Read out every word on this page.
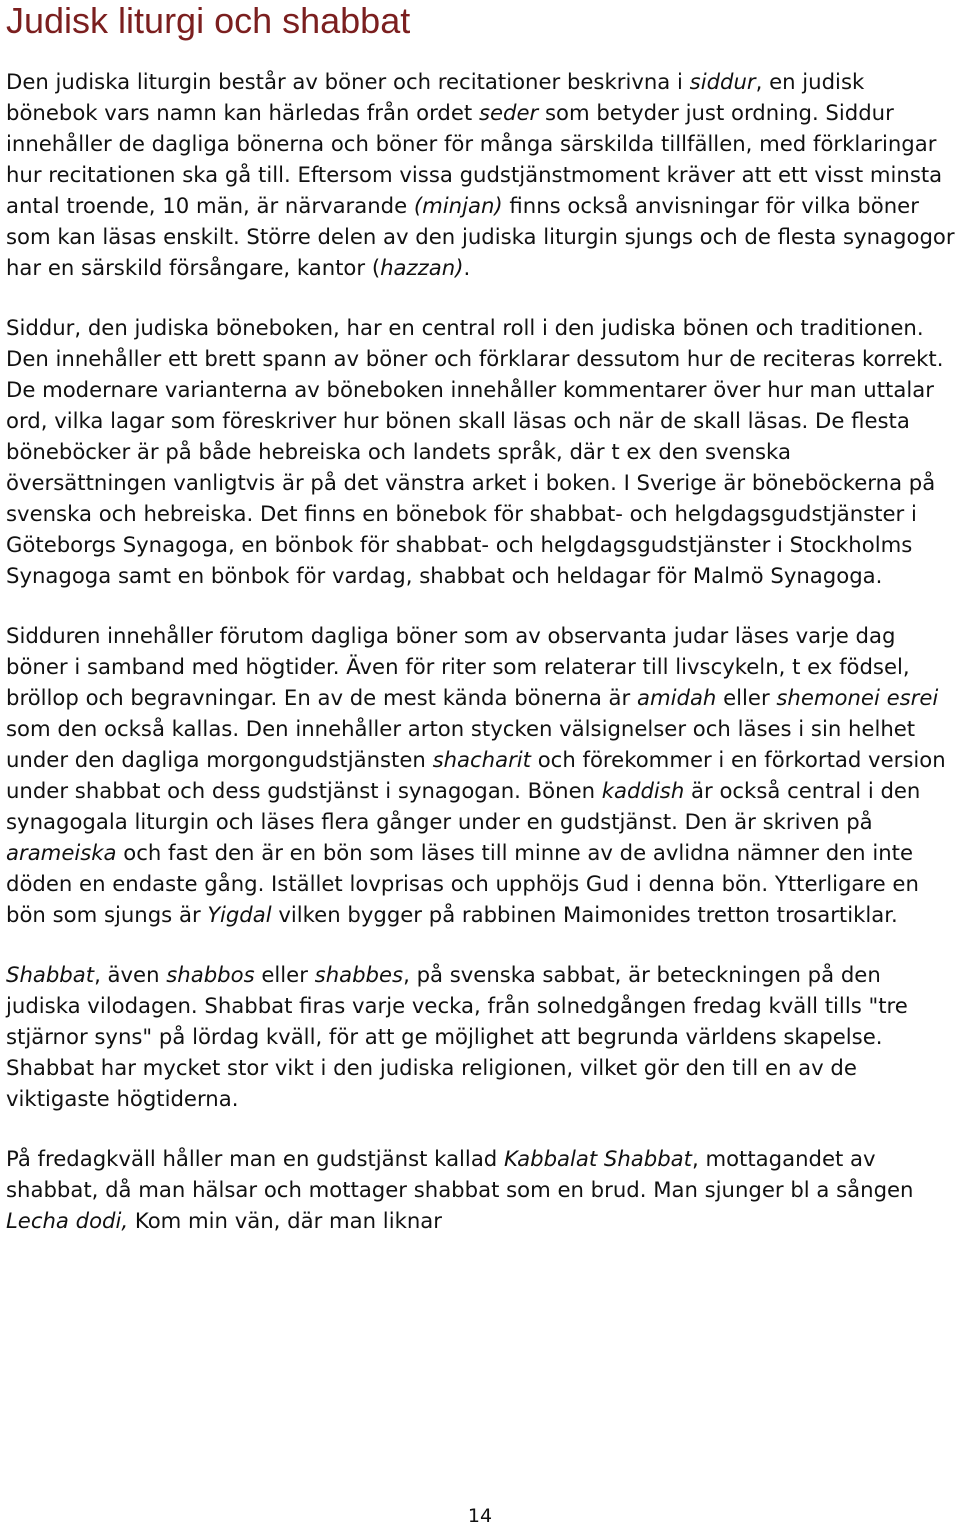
Judisk liturgi och shabbat

Den judiska liturgin består av böner och recitationer beskrivna i siddur, en judisk bönebok vars namn kan härledas från ordet seder som betyder just ordning. Siddur innehåller de dagliga bönerna och böner för många särskilda tillfällen, med förklaringar hur recitationen ska gå till. Eftersom vissa gudstjänstmoment kräver att ett visst minsta antal troende, 10 män, är närvarande (minjan) finns också anvisningar för vilka böner som kan läsas enskilt. Större delen av den judiska liturgin sjungs och de flesta synagogor har en särskild försångare, kantor (hazzan).

Siddur, den judiska böneboken, har en central roll i den judiska bönen och traditionen. Den innehåller ett brett spann av böner och förklarar dessutom hur de reciteras korrekt. De modernare varianterna av böneboken innehåller kommentarer över hur man uttalar ord, vilka lagar som föreskriver hur bönen skall läsas och när de skall läsas. De flesta böneböcker är på både hebreiska och landets språk, där t ex den svenska översättningen vanligtvis är på det vänstra arket i boken. I Sverige är böneböckerna på svenska och hebreiska. Det finns en bönebok för shabbat- och helgdagsgudstjänster i Göteborgs Synagoga, en bönbok för shabbat- och helgdagsgudstjänster i Stockholms Synagoga samt en bönbok för vardag, shabbat och heldagar för Malmö Synagoga.

Sidduren innehåller förutom dagliga böner som av observanta judar läses varje dag böner i samband med högtider. Även för riter som relaterar till livscykeln, t ex födsel, bröllop och begravningar. En av de mest kända bönerna är amidah eller shemonei esrei som den också kallas. Den innehåller arton stycken välsignelser och läses i sin helhet under den dagliga morgongudstjänsten shacharit och förekommer i en förkortad version under shabbat och dess gudstjänst i synagogan. Bönen kaddish är också central i den synagogala liturgin och läses flera gånger under en gudstjänst. Den är skriven på arameiska och fast den är en bön som läses till minne av de avlidna nämner den inte döden en endaste gång. Istället lovprisas och upphöjs Gud i denna bön. Ytterligare en bön som sjungs är Yigdal vilken bygger på rabbinen Maimonides tretton trosartiklar.

Shabbat, även shabbos eller shabbes, på svenska sabbat, är beteckningen på den judiska vilodagen. Shabbat firas varje vecka, från solnedgången fredag kväll tills "tre stjärnor syns" på lördag kväll, för att ge möjlighet att begrunda världens skapelse. Shabbat har mycket stor vikt i den judiska religionen, vilket gör den till en av de viktigaste högtiderna.

På fredagkväll håller man en gudstjänst kallad Kabbalat Shabbat, mottagandet av shabbat, då man hälsar och mottager shabbat som en brud. Man sjunger bl a sången Lecha dodi, Kom min vän, där man liknar

14
